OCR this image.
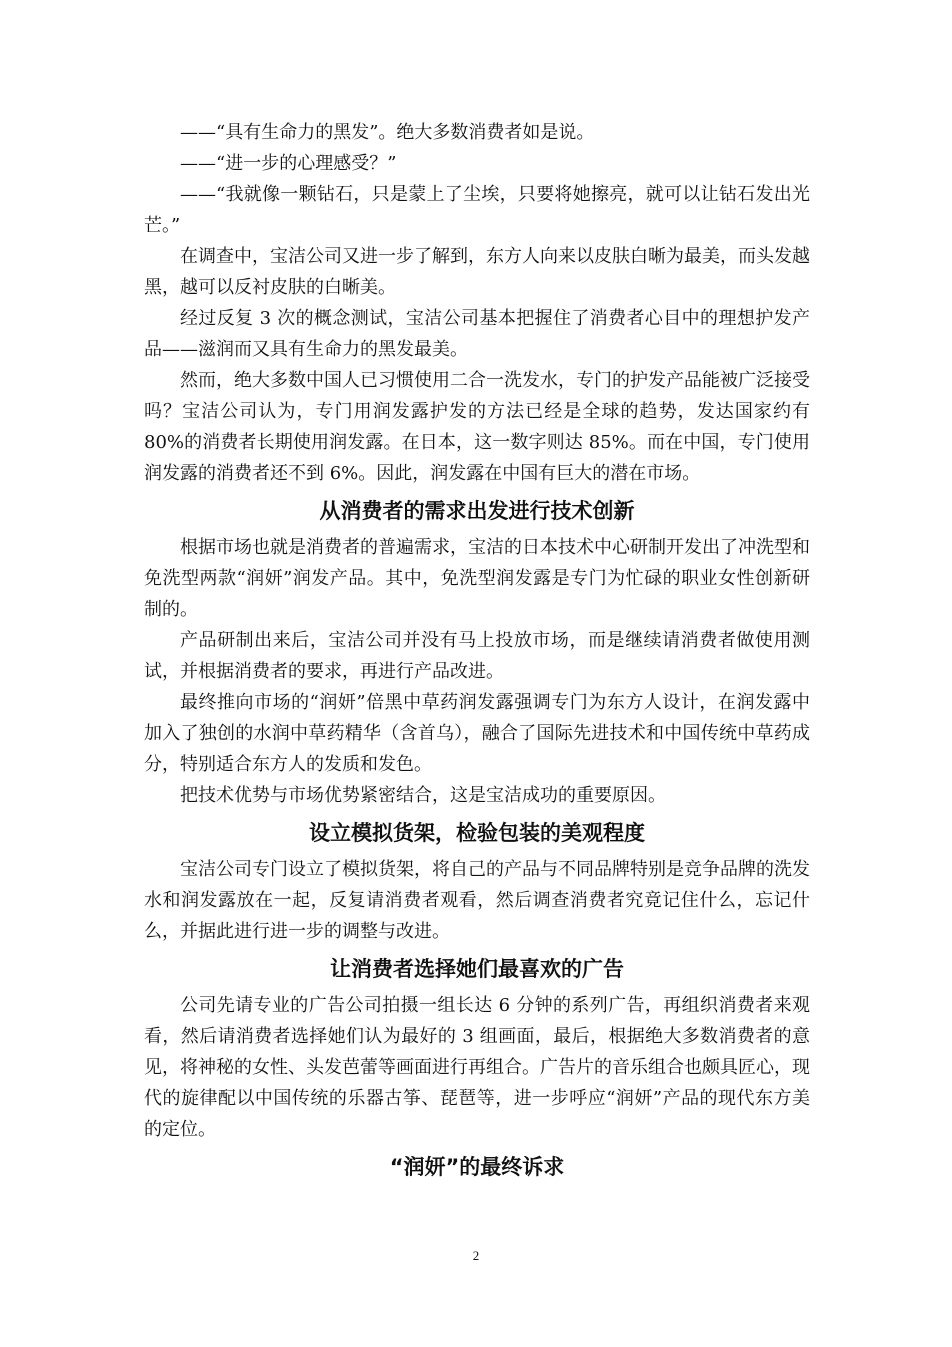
——“具有生命力的黑发”。绝大多数消费者如是说。

——“进一步的心理感受？”

——“我就像一颗钻石，只是蒙上了尘埃，只要将她擦亮，就可以让钻石发出光芒。”

在调查中，宝洁公司又进一步了解到，东方人向来以皮肤白晰为最美，而头发越黑，越可以反衬皮肤的白晰美。

经过反复 3 次的概念测试，宝洁公司基本把握住了消费者心目中的理想护发产品——滋润而又具有生命力的黑发最美。

然而，绝大多数中国人已习惯使用二合一洗发水，专门的护发产品能被广泛接受吗？宝洁公司认为，专门用润发露护发的方法已经是全球的趋势，发达国家约有 80%的消费者长期使用润发露。在日本，这一数字则达 85%。而在中国，专门使用润发露的消费者还不到 6%。因此，润发露在中国有巨大的潜在市场。

从消费者的需求出发进行技术创新

根据市场也就是消费者的普遍需求，宝洁的日本技术中心研制开发出了冲洗型和免洗型两款“润妍”润发产品。其中，免洗型润发露是专门为忙碌的职业女性创新研制的。

产品研制出来后，宝洁公司并没有马上投放市场，而是继续请消费者做使用测试，并根据消费者的要求，再进行产品改进。

最终推向市场的“润妍”倍黑中草药润发露强调专门为东方人设计，在润发露中加入了独创的水润中草药精华（含首乌），融合了国际先进技术和中国传统中草药成分，特别适合东方人的发质和发色。

把技术优势与市场优势紧密结合，这是宝洁成功的重要原因。

设立模拟货架，检验包装的美观程度

宝洁公司专门设立了模拟货架，将自己的产品与不同品牌特别是竞争品牌的洗发水和润发露放在一起，反复请消费者观看，然后调查消费者究竟记住什么，忘记什么，并据此进行进一步的调整与改进。

让消费者选择她们最喜欢的广告

公司先请专业的广告公司拍摄一组长达 6 分钟的系列广告，再组织消费者来观看，然后请消费者选择她们认为最好的 3 组画面，最后，根据绝大多数消费者的意见，将神秘的女性、头发芭蕾等画面进行再组合。广告片的音乐组合也颇具匠心，现代的旋律配以中国传统的乐器古筝、琵琶等，进一步呼应“润妍”产品的现代东方美的定位。

“润妍”的最终诉求
2
